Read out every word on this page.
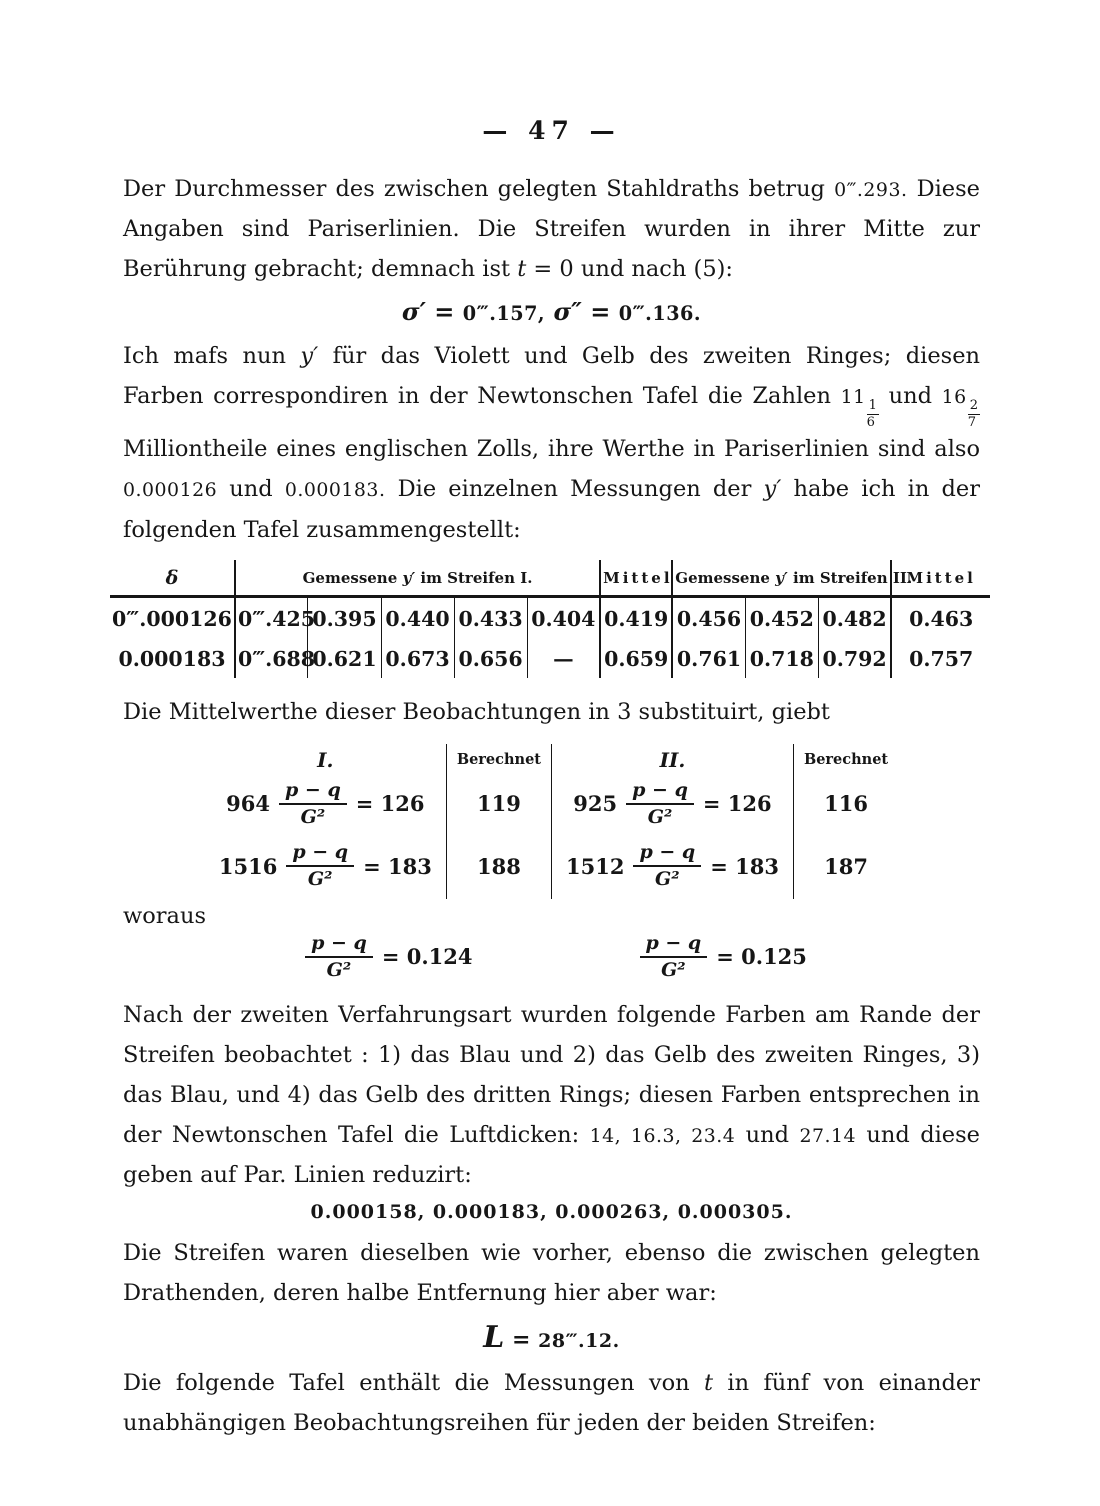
— 47 —

Der Durchmesser des zwischen gelegten Stahldraths betrug 0‴.293. Diese Angaben sind Pariserlinien. Die Streifen wurden in ihrer Mitte zur Berührung gebracht; demnach ist t = 0 und nach (5):

σ′ = 0‴.157, σ″ = 0‴.136.

Ich mafs nun y′ für das Violett und Gelb des zweiten Ringes; diesen Farben correspondiren in der Newtonschen Tafel die Zahlen 11
$\frac{1}{6}$
und 16
$\frac{2}{7}$
Milliontheile eines englischen Zolls, ihre Werthe in Pariserlinien sind also 0.000126 und 0.000183. Die einzelnen Messungen der y′ habe ich in der folgenden Tafel zusammengestellt:

δ	Gemessene y′ im Streifen I.					Mittel	Gemessene y′ im Streifen II.			Mittel
0‴.000126	0‴.425	0.395	0.440	0.433	0.404	0.419	0.456	0.452	0.482	0.463
0.000183	0‴.688	0.621	0.673	0.656	—	0.659	0.761	0.718	0.792	0.757

Die Mittelwerthe dieser Beobachtungen in 3 substituirt, giebt

I.	Berechnet	II.	Berechnet

$964 \frac{p - q}{\text{G²}} = 126$	119	$925 \frac{p - q}{\text{G²}} = 126$	116

$1516 \frac{p - q}{\text{G²}} = 183$	188	$1512 \frac{p - q}{\text{G²}} = 183$	187
woraus
$\frac{p - q}{\text{G²}} = 0.124$	$\frac{p - q}{\text{G²}} = 0.125$

Nach der zweiten Verfahrungsart wurden folgende Farben am Rande der Streifen beobachtet : 1) das Blau und 2) das Gelb des zweiten Ringes, 3) das Blau, und 4) das Gelb des dritten Rings; diesen Farben entsprechen in der Newtonschen Tafel die Luftdicken: 14, 16.3, 23.4 und 27.14 und diese geben auf Par. Linien reduzirt:

0.000158, 0.000183, 0.000263, 0.000305.

Die Streifen waren dieselben wie vorher, ebenso die zwischen gelegten Drathenden, deren halbe Entfernung hier aber war:

L = 28‴.12.

Die folgende Tafel enthält die Messungen von t in fünf von einander unabhängigen Beobachtungsreihen für jeden der beiden Streifen:
